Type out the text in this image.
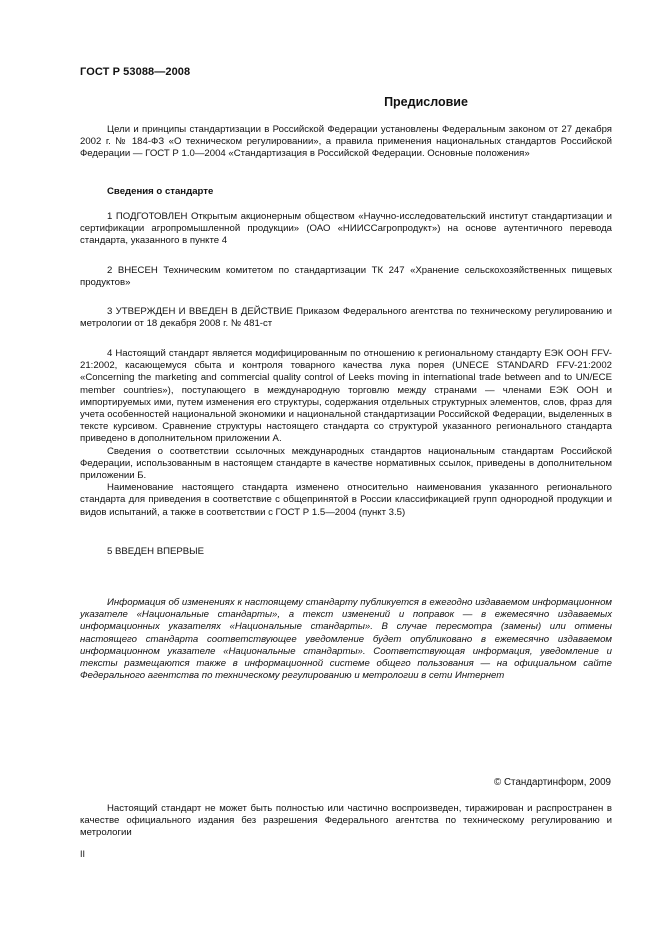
ГОСТ Р 53088—2008
Предисловие

Цели и принципы стандартизации в Российской Федерации установлены Федеральным законом от 27 декабря 2002 г. № 184-ФЗ «О техническом регулировании», а правила применения национальных стандартов Российской Федерации — ГОСТ Р 1.0—2004 «Стандартизация в Российской Федерации. Основные положения»

Сведения о стандарте

1 ПОДГОТОВЛЕН Открытым акционерным обществом «Научно-исследовательский институт стандартизации и сертификации агропромышленной продукции» (ОАО «НИИССагропродукт») на основе аутентичного перевода стандарта, указанного в пункте 4

2 ВНЕСЕН Техническим комитетом по стандартизации ТК 247 «Хранение сельскохозяйственных пищевых продуктов»

3 УТВЕРЖДЕН И ВВЕДЕН В ДЕЙСТВИЕ Приказом Федерального агентства по техническому регулированию и метрологии от 18 декабря 2008 г. № 481-ст

4 Настоящий стандарт является модифицированным по отношению к региональному стандарту ЕЭК ООН FFV-21:2002, касающемуся сбыта и контроля товарного качества лука порея (UNECE STANDARD FFV-21:2002 «Concerning the marketing and commercial quality control of Leeks moving in international trade between and to UN/ECE member countries»), поступающего в международную торговлю между странами — членами ЕЭК ООН и импортируемых ими, путем изменения его структуры, содержания отдельных структурных элементов, слов, фраз для учета особенностей национальной экономики и национальной стандартизации Российской Федерации, выделенных в тексте курсивом. Сравнение структуры настоящего стандарта со структурой указанного регионального стандарта приведено в дополнительном приложении А.

Сведения о соответствии ссылочных международных стандартов национальным стандартам Российской Федерации, использованным в настоящем стандарте в качестве нормативных ссылок, приведены в дополнительном приложении Б.

Наименование настоящего стандарта изменено относительно наименования указанного регионального стандарта для приведения в соответствие с общепринятой в России классификацией групп однородной продукции и видов испытаний, а также в соответствии с ГОСТ Р 1.5—2004 (пункт 3.5)

5 ВВЕДЕН ВПЕРВЫЕ

Информация об изменениях к настоящему стандарту публикуется в ежегодно издаваемом информационном указателе «Национальные стандарты», а текст изменений и поправок — в ежемесячно издаваемых информационных указателях «Национальные стандарты». В случае пересмотра (замены) или отмены настоящего стандарта соответствующее уведомление будет опубликовано в ежемесячно издаваемом информационном указателе «Национальные стандарты». Соответствующая информация, уведомление и тексты размещаются также в информационной системе общего пользования — на официальном сайте Федерального агентства по техническому регулированию и метрологии в сети Интернет

© Стандартинформ, 2009

Настоящий стандарт не может быть полностью или частично воспроизведен, тиражирован и распространен в качестве официального издания без разрешения Федерального агентства по техническому регулированию и метрологии

II
